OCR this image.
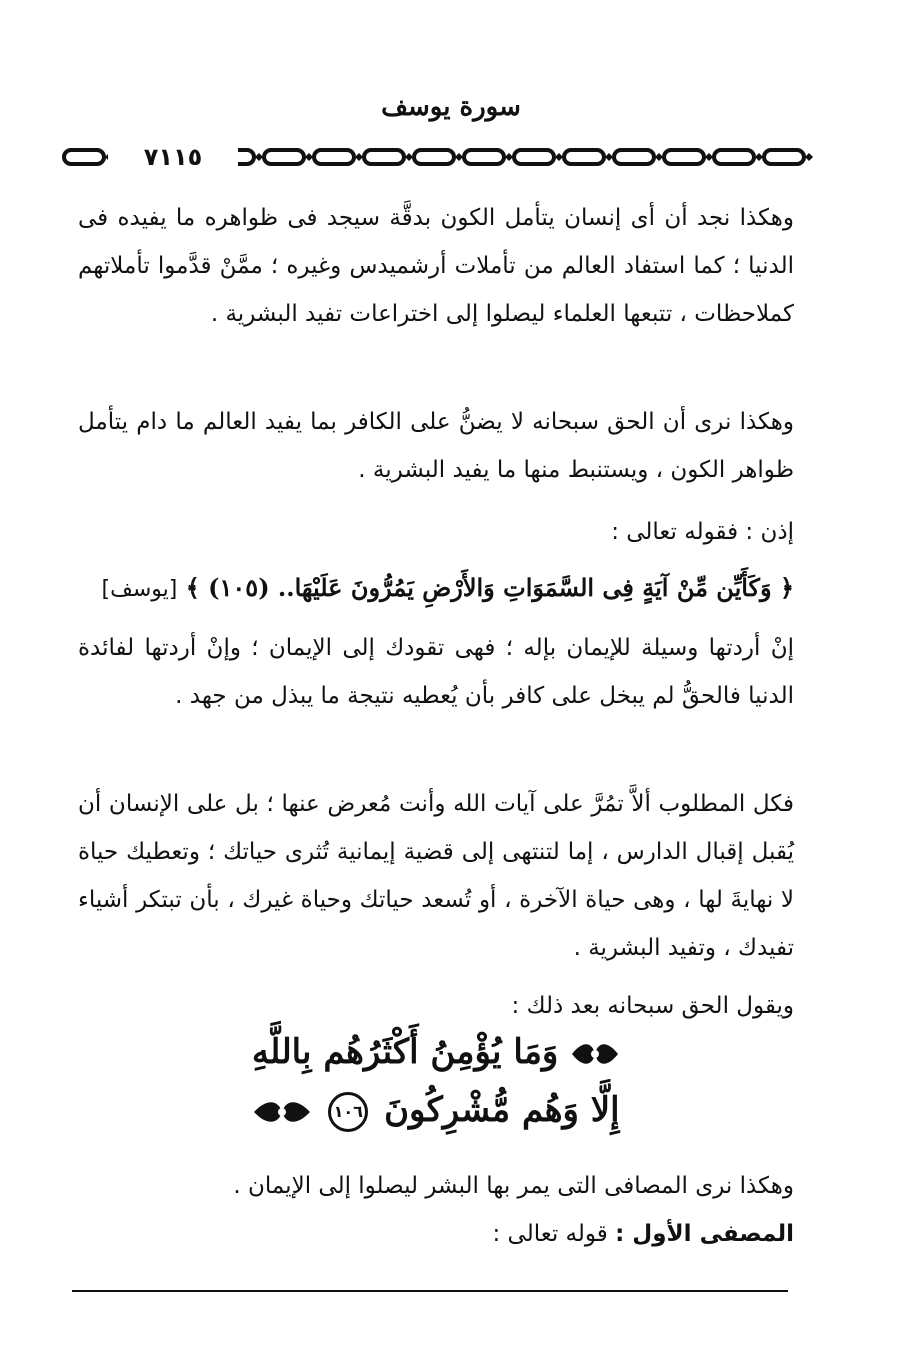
سورة يوسف
٧١١٥
وهكذا نجد أن أى إنسان يتأمل الكون بدقَّة سيجد فى ظواهره ما يفيده فى الدنيا ؛ كما استفاد العالم من تأملات أرشميدس وغيره ؛ ممَّنْ قدَّموا تأملاتهم كملاحظات ، تتبعها العلماء ليصلوا إلى اختراعات تفيد البشرية .
وهكذا نرى أن الحق سبحانه لا يضنُّ على الكافر بما يفيد العالم ما دام يتأمل ظواهر الكون ، ويستنبط منها ما يفيد البشرية .
إذن : فقوله تعالى :
﴿ وَكَأَيِّن مِّنْ آيَةٍ فِى السَّمَوَاتِ وَالأَرْضِ يَمُرُّونَ عَلَيْهَا.. (١٠٥) ﴾ [يوسف]
إنْ أردتها وسيلة للإيمان بإله ؛ فهى تقودك إلى الإيمان ؛ وإنْ أردتها لفائدة الدنيا فالحقُّ لم يبخل على كافر بأن يُعطيه نتيجة ما يبذل من جهد .
فكل المطلوب ألاَّ تمُرَّ على آيات الله وأنت مُعرض عنها ؛ بل على الإنسان أن يُقبل إقبال الدارس ، إما لتنتهى إلى قضية إيمانية تُثرى حياتك ؛ وتعطيك حياة لا نهايةَ لها ، وهى حياة الآخرة ، أو تُسعد حياتك وحياة غيرك ، بأن تبتكر أشياء تفيدك ، وتفيد البشرية .
ويقول الحق سبحانه بعد ذلك :
وَمَا يُؤْمِنُ أَكْثَرُهُم بِاللَّهِ
إِلَّا وَهُم مُّشْرِكُونَ ١٠٦
وهكذا نرى المصافى التى يمر بها البشر ليصلوا إلى الإيمان .
المصفى الأول : قوله تعالى :
